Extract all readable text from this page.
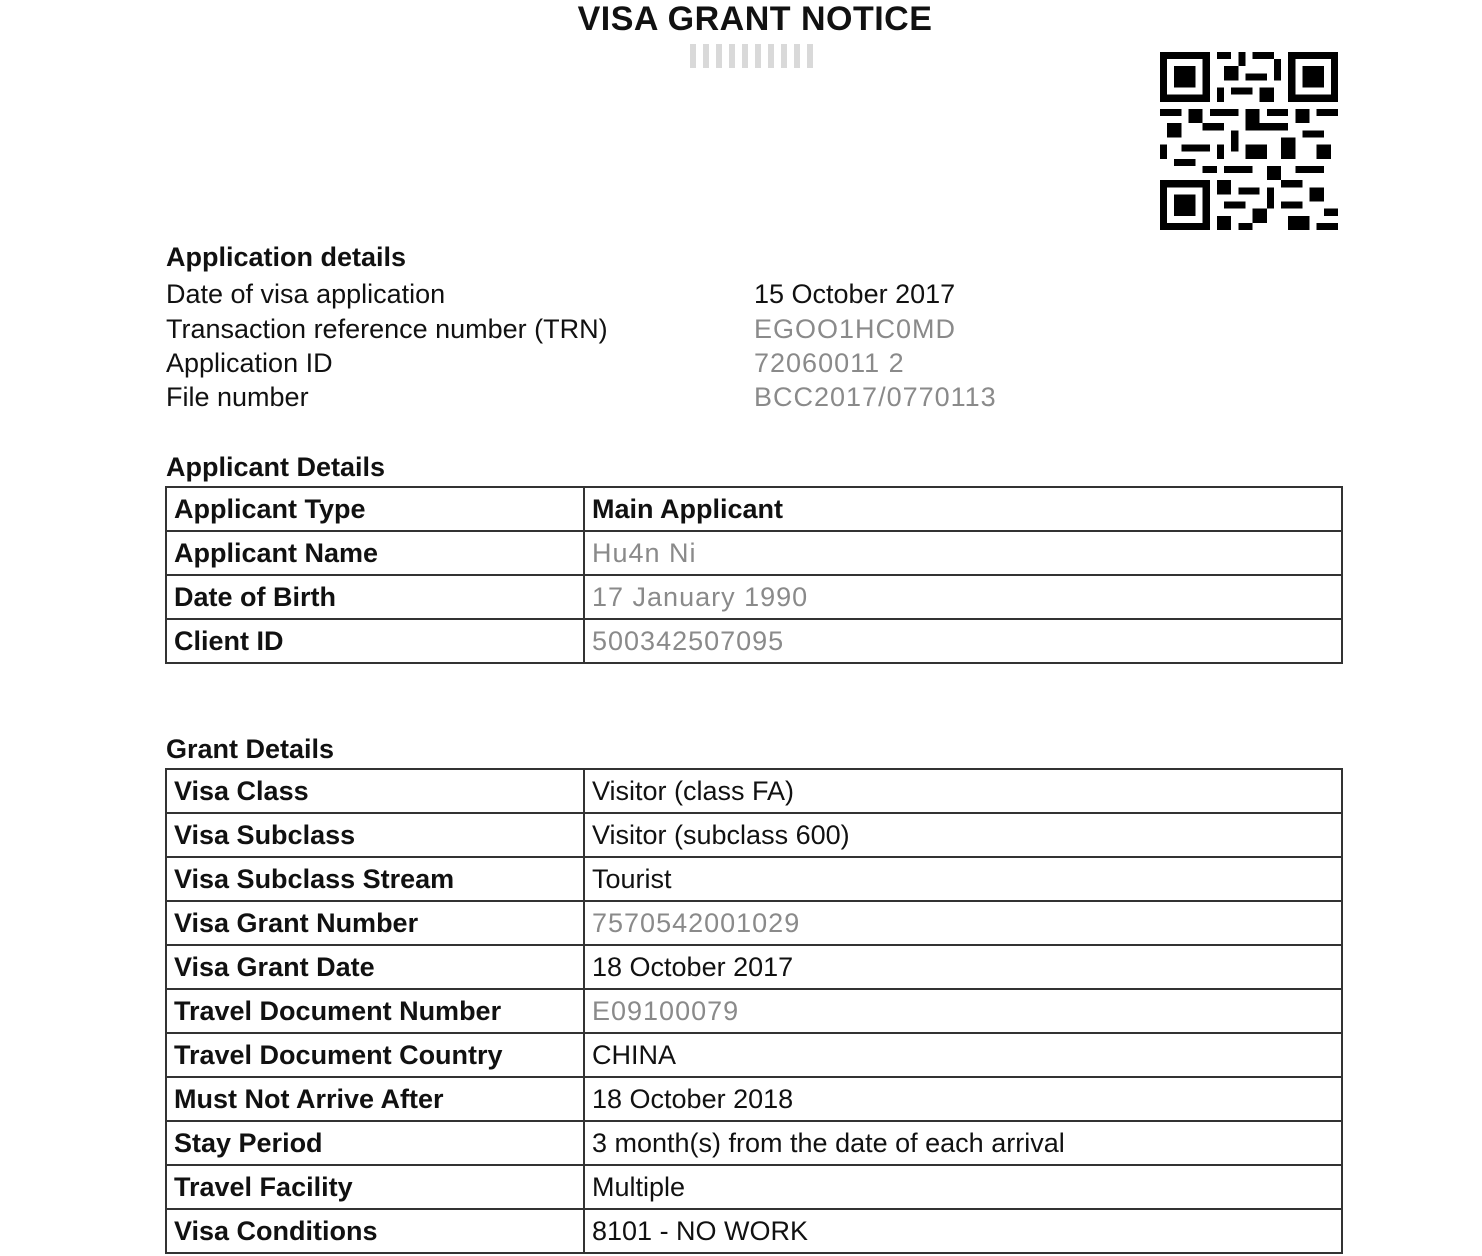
VISA GRANT NOTICE
Application details
Date of visa application	15 October 2017
Transaction reference number (TRN)	EGOO1HC0MD
Application ID	72060011 2
File number	BCC2017/0770113
Applicant Details
Applicant Type	Main Applicant
Applicant Name	Hu4n Ni
Date of Birth	17 January 1990
Client ID	500342507095
Grant Details
Visa Class	Visitor (class FA)
Visa Subclass	Visitor (subclass 600)
Visa Subclass Stream	Tourist
Visa Grant Number	7570542001029
Visa Grant Date	18 October 2017
Travel Document Number	E09100079
Travel Document Country	CHINA
Must Not Arrive After	18 October 2018
Stay Period	3 month(s) from the date of each arrival
Travel Facility	Multiple
Visa Conditions	8101 - NO WORK
